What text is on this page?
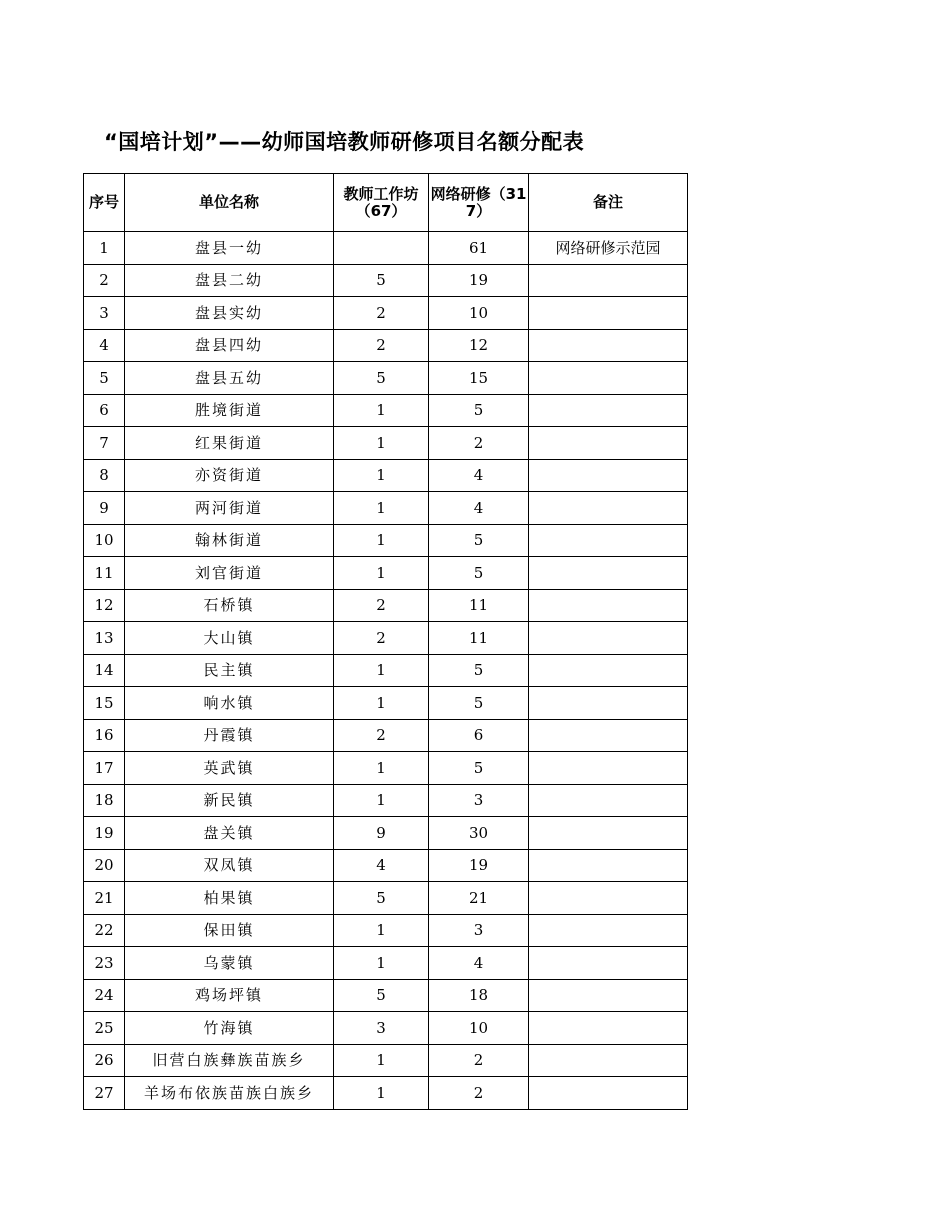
“国培计划”——幼师国培教师研修项目名额分配表
序号	单位名称	教师工作坊（67）	网络研修（317）	备注
1	盘县一幼		61	网络研修示范园
2	盘县二幼	5	19	
3	盘县实幼	2	10	
4	盘县四幼	2	12	
5	盘县五幼	5	15	
6	胜境街道	1	5	
7	红果街道	1	2	
8	亦资街道	1	4	
9	两河街道	1	4	
10	翰林街道	1	5	
11	刘官街道	1	5	
12	石桥镇	2	11	
13	大山镇	2	11	
14	民主镇	1	5	
15	响水镇	1	5	
16	丹霞镇	2	6	
17	英武镇	1	5	
18	新民镇	1	3	
19	盘关镇	9	30	
20	双凤镇	4	19	
21	柏果镇	5	21	
22	保田镇	1	3	
23	乌蒙镇	1	4	
24	鸡场坪镇	5	18	
25	竹海镇	3	10	
26	旧营白族彝族苗族乡	1	2	
27	羊场布依族苗族白族乡	1	2	
